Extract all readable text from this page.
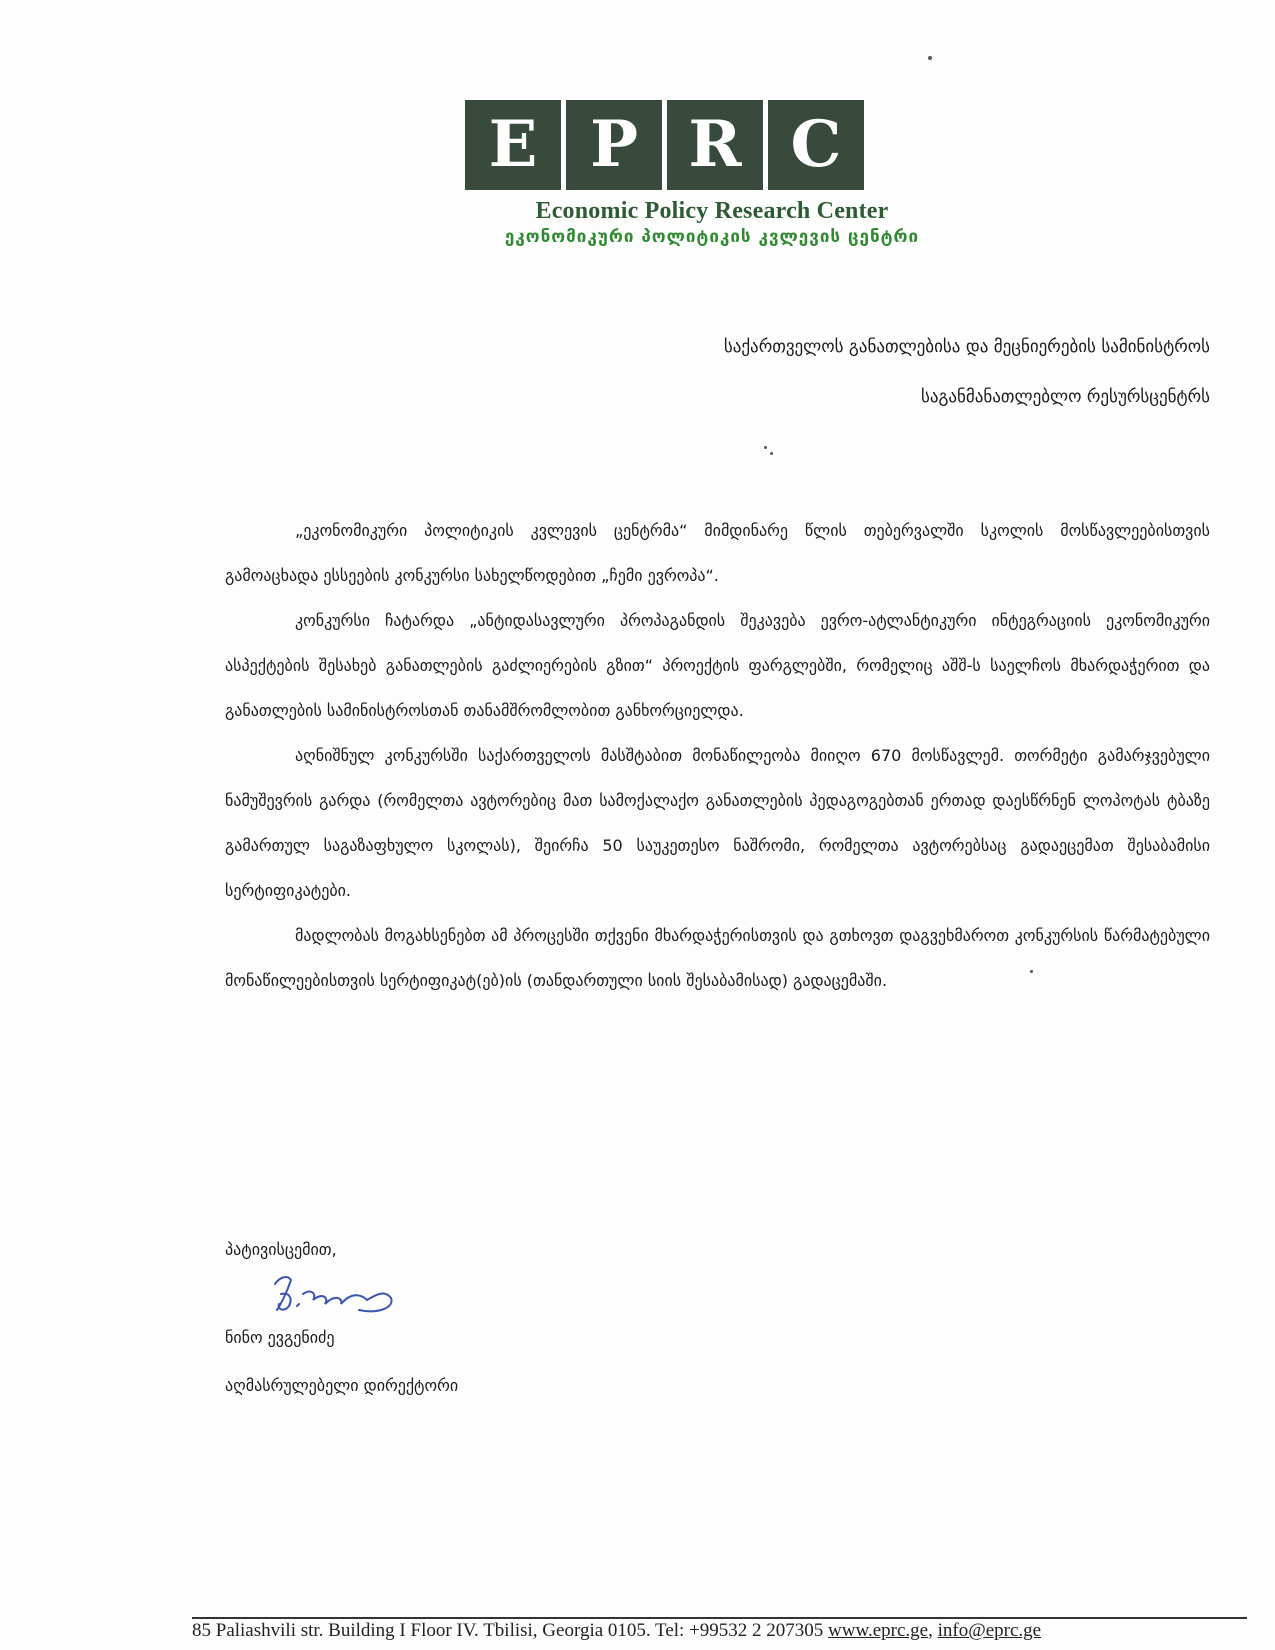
E P R C
Economic Policy Research Center
ეკონომიკური პოლიტიკის კვლევის ცენტრი
საქართველოს განათლებისა და მეცნიერების სამინისტროს
საგანმანათლებლო რესურსცენტრს

„ეკონომიკური პოლიტიკის კვლევის ცენტრმა“ მიმდინარე წლის თებერვალში სკოლის მოსწავლეებისთვის გამოაცხადა ესსეების კონკურსი სახელწოდებით „ჩემი ევროპა“.

კონკურსი ჩატარდა „ანტიდასავლური პროპაგანდის შეკავება ევრო-ატლანტიკური ინტეგრაციის ეკონომიკური ასპექტების შესახებ განათლების გაძლიერების გზით“ პროექტის ფარგლებში, რომელიც აშშ-ს საელჩოს მხარდაჭერით და განათლების სამინისტროსთან თანამშრომლობით განხორციელდა.

აღნიშნულ კონკურსში საქართველოს მასშტაბით მონაწილეობა მიიღო 670 მოსწავლემ. თორმეტი გამარჯვებული ნამუშევრის გარდა (რომელთა ავტორებიც მათ სამოქალაქო განათლების პედაგოგებთან ერთად დაესწრნენ ლოპოტას ტბაზე გამართულ საგაზაფხულო სკოლას), შეირჩა 50 საუკეთესო ნაშრომი, რომელთა ავტორებსაც გადაეცემათ შესაბამისი სერტიფიკატები.

მადლობას მოგახსენებთ ამ პროცესში თქვენი მხარდაჭერისთვის და გთხოვთ დაგვეხმაროთ კონკურსის წარმატებული მონაწილეებისთვის სერტიფიკატ(ებ)ის (თანდართული სიის შესაბამისად) გადაცემაში.

პატივისცემით,
ნინო ევგენიძე
აღმასრულებელი დირექტორი
85 Paliashvili str. Building I Floor IV. Tbilisi, Georgia 0105. Tel: +99532 2 207305 www.eprc.ge, info@eprc.ge
